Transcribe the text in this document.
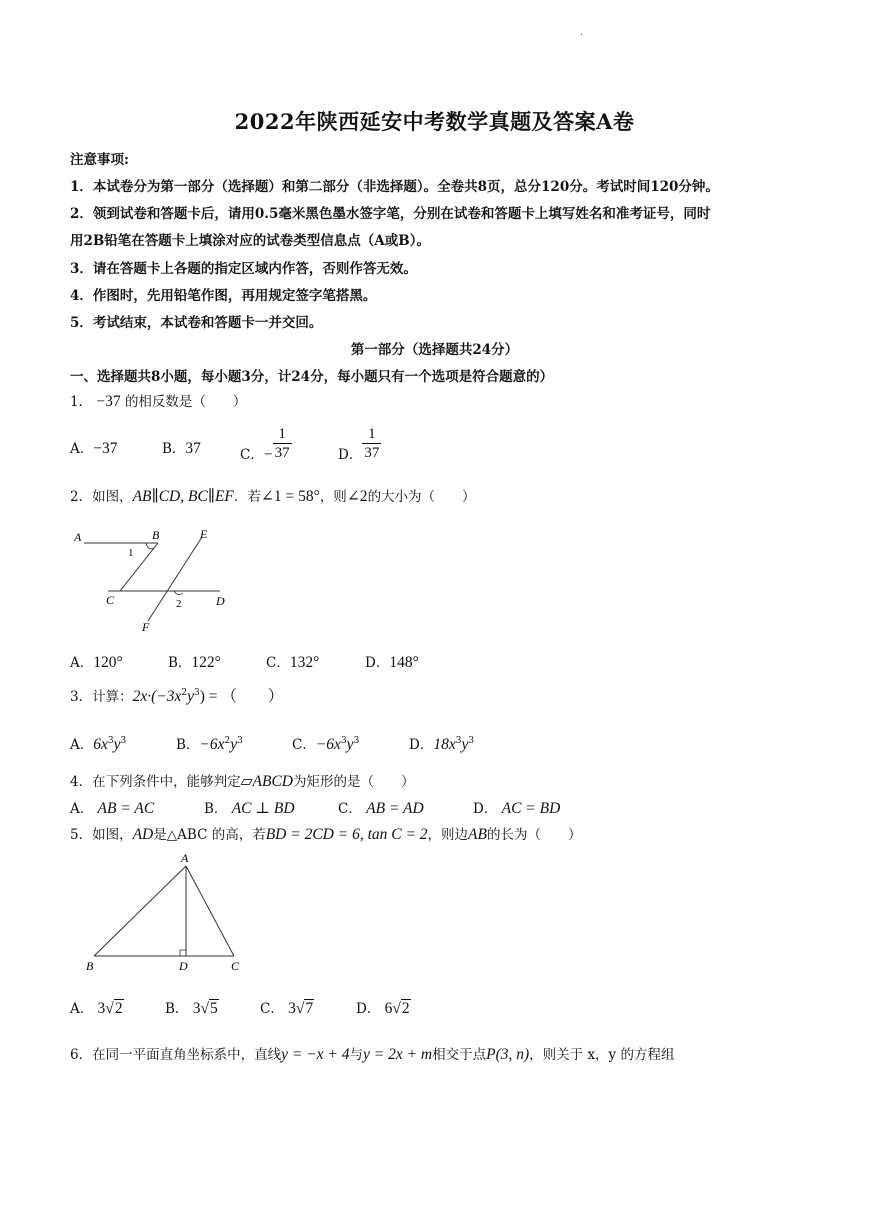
·
2022年陕西延安中考数学真题及答案A卷
注意事项:
1．本试卷分为第一部分（选择题）和第二部分（非选择题）。全卷共8页，总分120分。考试时间120分钟。
2．领到试卷和答题卡后，请用0.5毫米黑色墨水签字笔，分别在试卷和答题卡上填写姓名和准考证号，同时
用2B铅笔在答题卡上填涂对应的试卷类型信息点（A或B）。
3．请在答题卡上各题的指定区域内作答，否则作答无效。
4．作图时，先用铅笔作图，再用规定签字笔搭黑。
5．考试结束，本试卷和答题卡一并交回。
第一部分（选择题共24分）
一、选择题共8小题，每小题3分，计24分，每小题只有一个选项是符合题意的）
1． −37 的相反数是（　　）
A．−37	B．37	C．− $\frac{1}{37}$	D． $\frac{1}{37}$
2．如图，AB∥CD, BC∥EF．若∠1 = 58°，则∠2的大小为（　　）
A	B
C	D
E
F
1
2
A．120°	B．122°	C．132°	D．148°
3．计算：$2x\cdot(-3x^2y^3)$ = （　　）
A．$6x^3y^3$	B．$-6x^2y^3$	C．$-6x^3y^3$	D．$18x^3y^3$
4．在下列条件中，能够判定▱ABCD为矩形的是（　　）
A． AB = AC	B． AC ⊥ BD	C． AB = AD	D． AC = BD
5．如图，AD是△ABC 的高，若BD = 2CD = 6, tan C = 2，则边AB的长为（　　）
A
B	D	C
A． 3√2	B． 3√5	C． 3√7	D． 6√2
6．在同一平面直角坐标系中，直线y = −x + 4与y = 2x + m相交于点P(3, n)，则关于 x，y 的方程组
